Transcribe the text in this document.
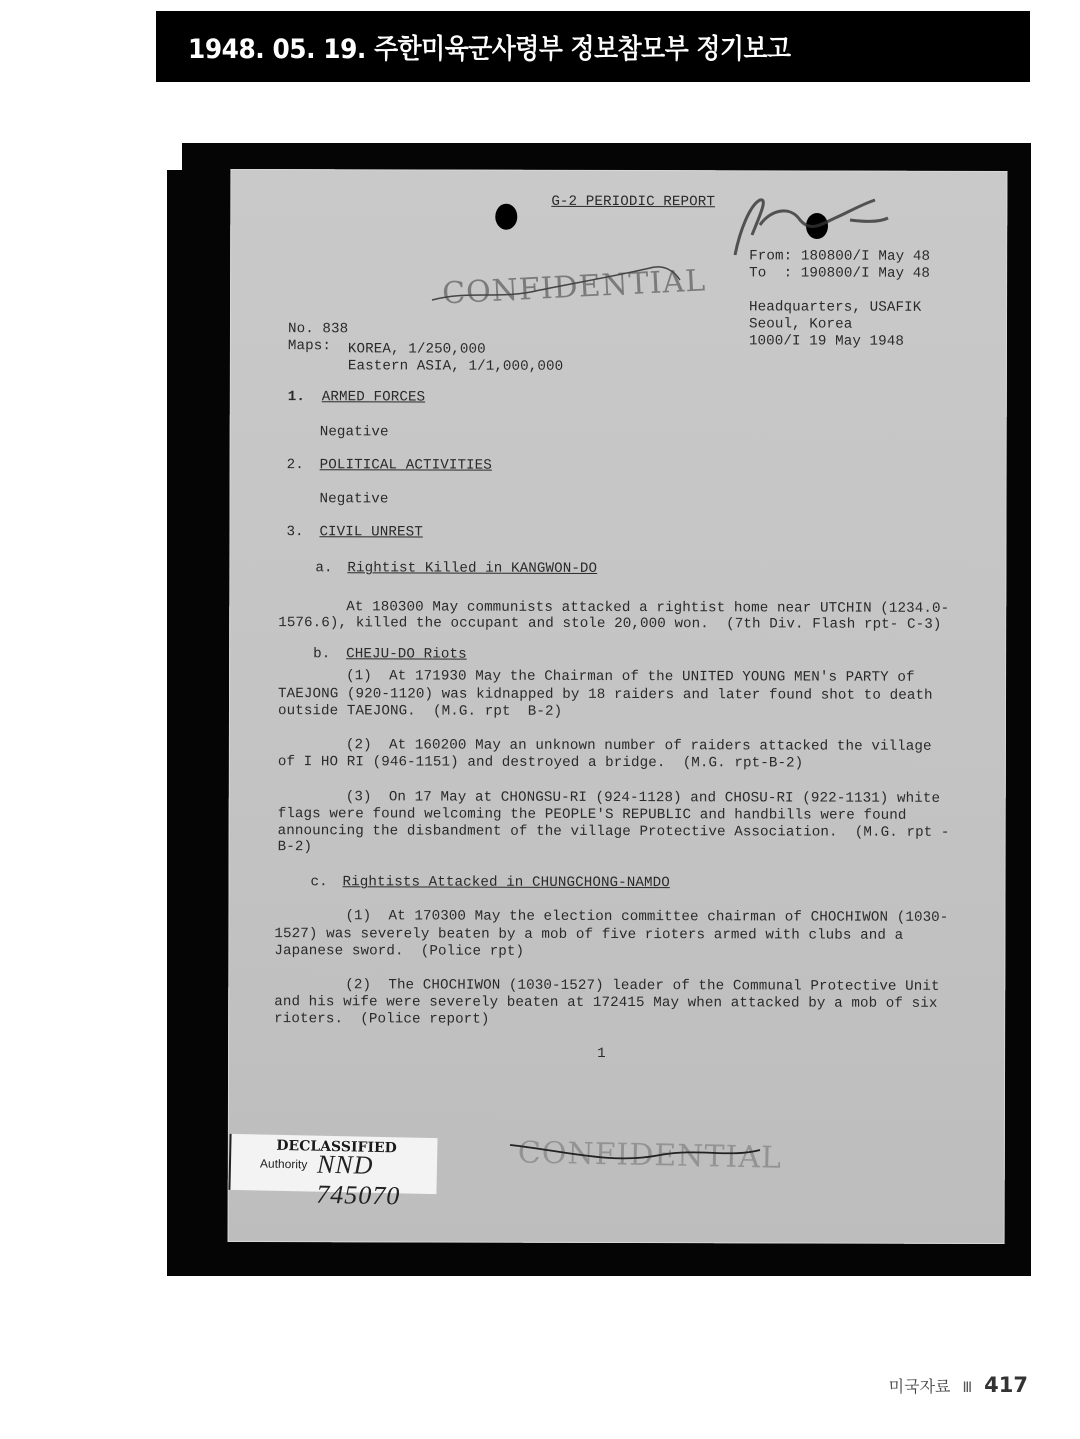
1948. 05. 19. 주한미육군사령부 정보참모부 정기보고
G-2 PERIODIC REPORT
From: 180800/I May 48
To  : 190800/I May 48
CONFIDENTIAL	Headquarters, USAFIK
Seoul, Korea
1000/I 19 May 1948
No. 838
Maps: KOREA, 1/250,000
Eastern ASIA, 1/1,000,000
1. ARMED FORCES
Negative
2. POLITICAL ACTIVITIES
Negative
3. CIVIL UNREST
a. Rightist Killed in KANGWON-DO
At 180300 May communists attacked a rightist home near UTCHIN (1234.0-
1576.6), killed the occupant and stole 20,000 won.  (7th Div. Flash rpt- C-3)
b. CHEJU-DO Riots
(1)  At 171930 May the Chairman of the UNITED YOUNG MEN's PARTY of
TAEJONG (920-1120) was kidnapped by 18 raiders and later found shot to death
outside TAEJONG.  (M.G. rpt  B-2)
(2)  At 160200 May an unknown number of raiders attacked the village
of I HO RI (946-1151) and destroyed a bridge.  (M.G. rpt-B-2)
(3)  On 17 May at CHONGSU-RI (924-1128) and CHOSU-RI (922-1131) white
flags were found welcoming the PEOPLE'S REPUBLIC and handbills were found
announcing the disbandment of the village Protective Association.  (M.G. rpt -
B-2)
c. Rightists Attacked in CHUNGCHONG-NAMDO
(1)  At 170300 May the election committee chairman of CHOCHIWON (1030-
1527) was severely beaten by a mob of five rioters armed with clubs and a
Japanese sword.  (Police rpt)
(2)  The CHOCHIWON (1030-1527) leader of the Communal Protective Unit
and his wife were severely beaten at 172415 May when attacked by a mob of six
rioters.  (Police report)
1
CONFIDENTIAL
DECLASSIFIED
Authority NND 745070
미국자료 Ⅲ 417
